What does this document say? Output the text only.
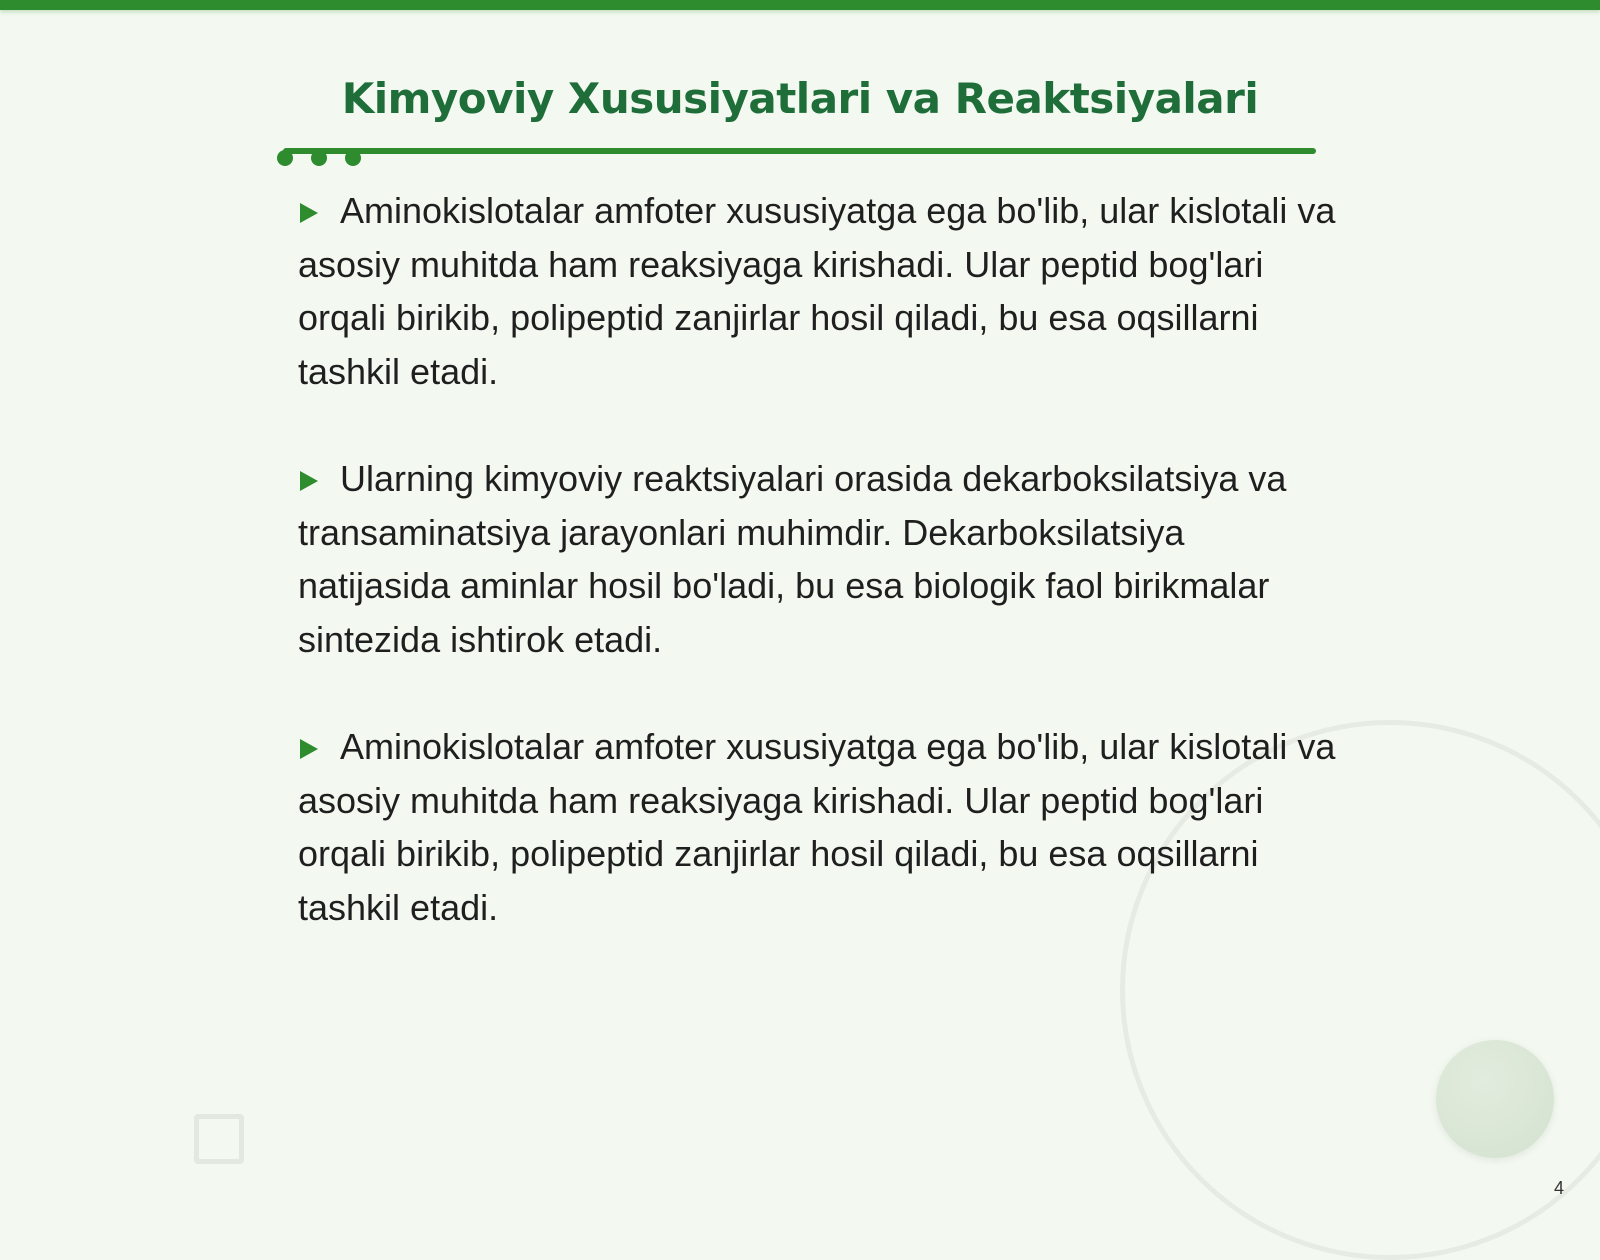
Kimyoviy Xususiyatlari va Reaktsiyalari

Aminokislotalar amfoter xususiyatga ega bo'lib, ular kislotali va asosiy muhitda ham reaksiyaga kirishadi. Ular peptid bog'lari orqali birikib, polipeptid zanjirlar hosil qiladi, bu esa oqsillarni tashkil etadi.

Ularning kimyoviy reaktsiyalari orasida dekarboksilatsiya va transaminatsiya jarayonlari muhimdir. Dekarboksilatsiya natijasida aminlar hosil bo'ladi, bu esa biologik faol birikmalar sintezida ishtirok etadi.

Aminokislotalar amfoter xususiyatga ega bo'lib, ular kislotali va asosiy muhitda ham reaksiyaga kirishadi. Ular peptid bog'lari orqali birikib, polipeptid zanjirlar hosil qiladi, bu esa oqsillarni tashkil etadi.

4
